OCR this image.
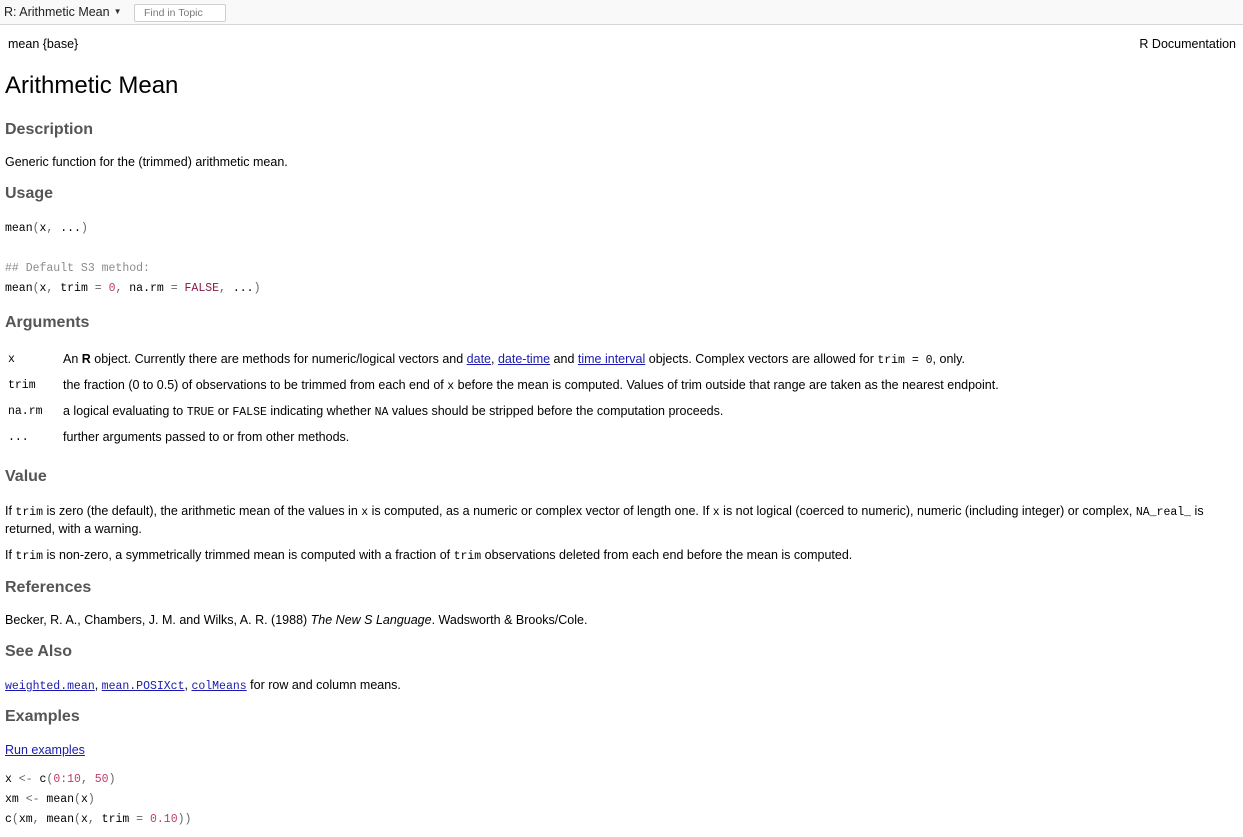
R: Arithmetic Mean ▼
Find in Topic
mean {base}	R Documentation
Arithmetic Mean
Description
Generic function for the (trimmed) arithmetic mean.
Usage
mean(x, ...)
## Default S3 method:
mean(x, trim = 0, na.rm = FALSE, ...)
Arguments
x	An R object. Currently there are methods for numeric/logical vectors and date, date-time and time interval objects. Complex vectors are allowed for trim = 0, only.
trim the fraction (0 to 0.5) of observations to be trimmed from each end of x before the mean is computed. Values of trim outside that range are taken as the nearest endpoint.
na.rm a logical evaluating to TRUE or FALSE indicating whether NA values should be stripped before the computation proceeds.
...	further arguments passed to or from other methods.
Value
If trim is zero (the default), the arithmetic mean of the values in x is computed, as a numeric or complex vector of length one. If x is not logical (coerced to numeric), numeric (including integer) or complex, NA_real_ is returned, with a warning.
If trim is non-zero, a symmetrically trimmed mean is computed with a fraction of trim observations deleted from each end before the mean is computed.
References
Becker, R. A., Chambers, J. M. and Wilks, A. R. (1988) The New S Language. Wadsworth & Brooks/Cole.
See Also
weighted.mean, mean.POSIXct, colMeans for row and column means.
Examples
Run examples
x <- c(0:10, 50)
xm <- mean(x)
c(xm, mean(x, trim = 0.10))
